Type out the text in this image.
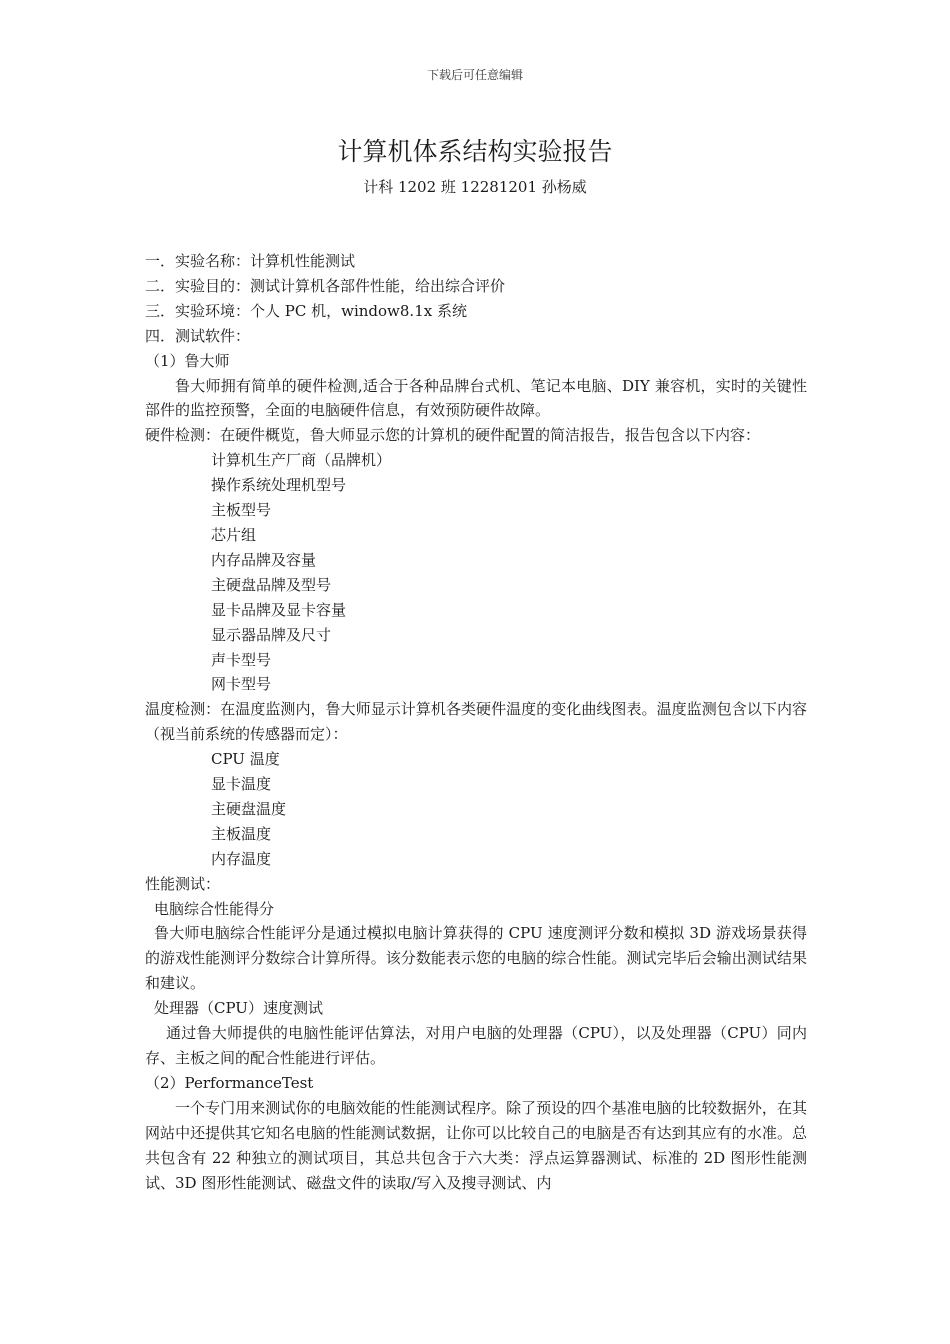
下载后可任意编辑
计算机体系结构实验报告
计科 1202 班 12281201 孙杨威

一．实验名称：计算机性能测试

二．实验目的：测试计算机各部件性能，给出综合评价

三．实验环境：个人 PC 机，window8.1x 系统

四．测试软件：

（1）鲁大师

鲁大师拥有简单的硬件检测,适合于各种品牌台式机、笔记本电脑、DIY 兼容机，实时的关键性部件的监控预警，全面的电脑硬件信息，有效预防硬件故障。

硬件检测：在硬件概览，鲁大师显示您的计算机的硬件配置的简洁报告，报告包含以下内容：

计算机生产厂商（品牌机）

操作系统处理机型号

主板型号

芯片组

内存品牌及容量

主硬盘品牌及型号

显卡品牌及显卡容量

显示器品牌及尺寸

声卡型号

网卡型号

温度检测：在温度监测内，鲁大师显示计算机各类硬件温度的变化曲线图表。温度监测包含以下内容（视当前系统的传感器而定）：

CPU 温度

显卡温度

主硬盘温度

主板温度

内存温度

性能测试：

电脑综合性能得分

鲁大师电脑综合性能评分是通过模拟电脑计算获得的 CPU 速度测评分数和模拟 3D 游戏场景获得的游戏性能测评分数综合计算所得。该分数能表示您的电脑的综合性能。测试完毕后会输出测试结果和建议。

处理器（CPU）速度测试

通过鲁大师提供的电脑性能评估算法，对用户电脑的处理器（CPU），以及处理器（CPU）同内存、主板之间的配合性能进行评估。

（2）PerformanceTest

一个专门用来测试你的电脑效能的性能测试程序。除了预设的四个基准电脑的比较数据外，在其网站中还提供其它知名电脑的性能测试数据，让你可以比较自己的电脑是否有达到其应有的水准。总共包含有 22 种独立的测试项目，其总共包含于六大类：浮点运算器测试、标准的 2D 图形性能测试、3D 图形性能测试、磁盘文件的读取/写入及搜寻测试、内
